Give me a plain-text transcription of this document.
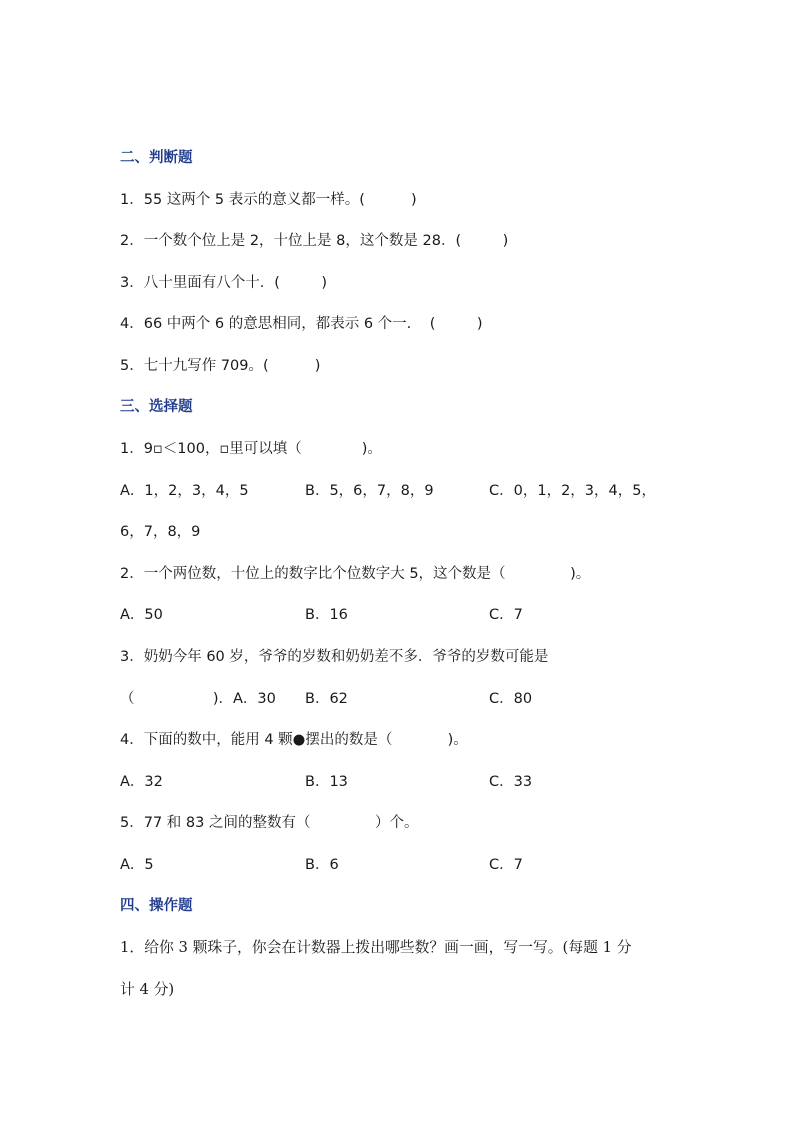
二、判断题
1．55 这两个 5 表示的意义都一样。(          )
2．一个数个位上是 2，十位上是 8，这个数是 28．(         )
3．八十里面有八个十．(         )
4．66 中两个 6 的意思相同，都表示 6 个一.    (         )
5．七十九写作 709。(          )
三、选择题
1．9▫＜100，▫里可以填（             )。
A．1，2，3，4，5	B．5，6，7，8，9	C．0，1，2，3，4，5，
6，7，8，9
2．一个两位数，十位上的数字比个位数字大 5，这个数是（              )。
A．50	B．16	C．7
3．奶奶今年 60 岁，爷爷的岁数和奶奶差不多．爷爷的岁数可能是
（                 )．A．30 B．62	C．80
4．下面的数中，能用 4 颗●摆出的数是（            )。
A．32	B．13	C．33
5．77 和 83 之间的整数有（              ）个。
A．5	B．6	C．7
四、操作题
1．给你 3 颗珠子，你会在计数器上拨出哪些数？画一画，写一写。(每题 1 分
计 4 分)
